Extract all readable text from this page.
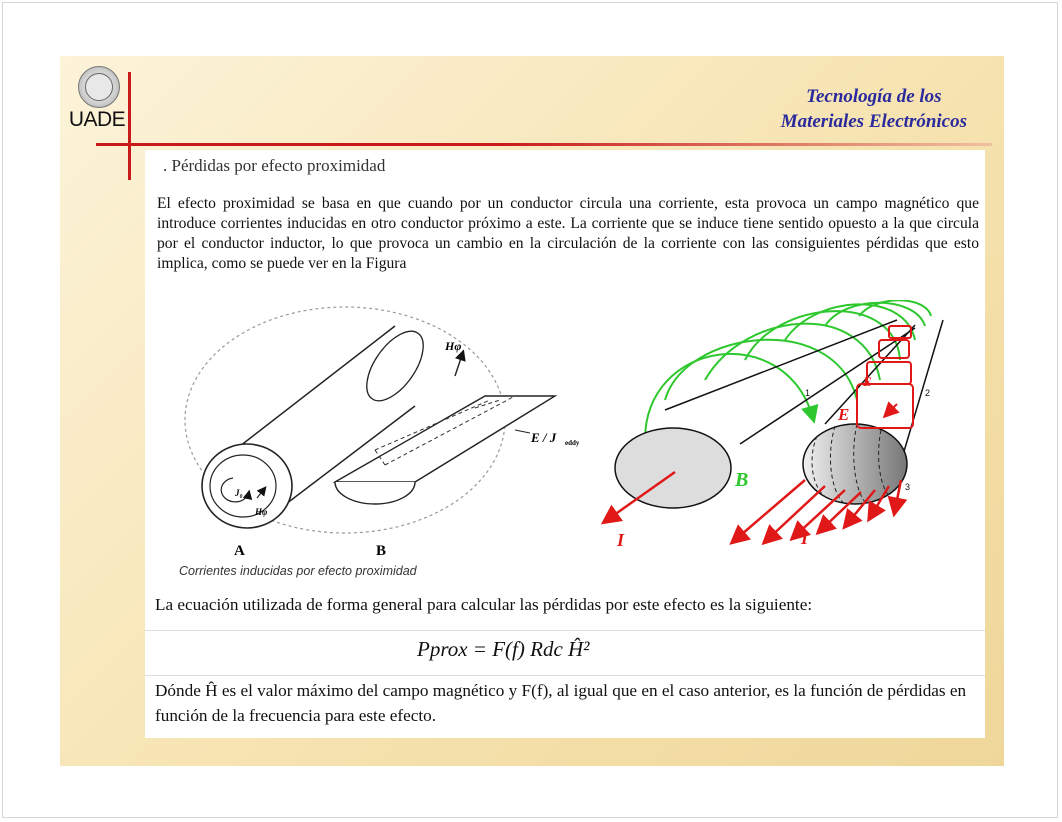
UADE
Tecnología de los
Materiales Electrónicos
. Pérdidas por efecto proximidad
El efecto proximidad se basa en que cuando por un conductor circula una corriente, esta provoca un campo magnético que introduce corrientes inducidas en otro conductor próximo a este. La corriente que se induce tiene sentido opuesto a la que circula por el conductor inductor, lo que provoca un cambio en la circulación de la corriente con las consiguientes pérdidas que esto implica, como se puede ver en la Figura
Hφ
J₀
Hφ
E / J eddy
A	B
B
E
E
I	I
1	2
3
Corrientes inducidas por efecto proximidad
La ecuación utilizada de forma general para calcular las pérdidas por este efecto es la siguiente:
Pprox = F(f) Rdc Ĥ²
Dónde Ĥ es el valor máximo del campo magnético y F(f), al igual que en el caso anterior, es la función de pérdidas en función de la frecuencia para este efecto.
